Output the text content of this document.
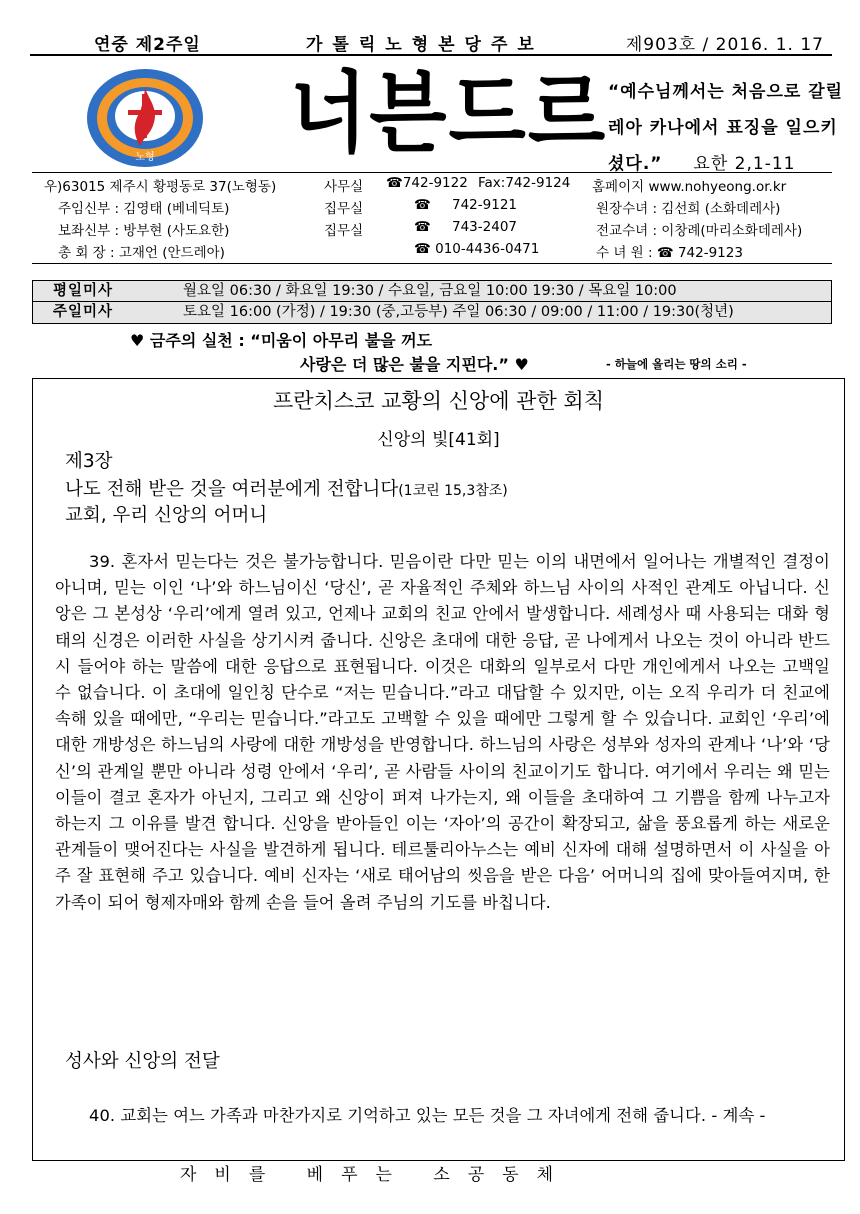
연중 제2주일	가톨릭노형본당주보	제903호 / 2016. 1. 17
노형 너븐드르 “예수님께서는 처음으로 갈릴레아 카나에서 표징을 일으키셨다.” 요한 2,1-11
우)63015 제주시 황평동로 37(노형동)	사무실 ☎742-9122 Fax:742-9124 홈페이지 www.nohyeong.or.kr
주임신부 : 김영태 (베네딕토)	집무실	☎ 742-9121	원장수녀 : 김선희 (소화데레사)
보좌신부 : 방부현 (사도요한)	집무실	☎ 743-2407	전교수녀 : 이창례(마리소화데레사)
총 회 장 : 고재언 (안드레아)	☎ 010-4436-0471	수 녀 원 : ☎ 742-9123
평일미사	월요일 06:30 / 화요일 19:30 / 수요일, 금요일 10:00 19:30 / 목요일 10:00
주일미사	토요일 16:00 (가정) / 19:30 (중,고등부) 주일 06:30 / 09:00 / 11:00 / 19:30(청년)
♥ 금주의 실천 : “미움이 아무리 불을 꺼도
사랑은 더 많은 불을 지핀다.” ♥	- 하늘에 올리는 땅의 소리 -
프란치스코 교황의 신앙에 관한 회칙
신앙의 빛[41회]
제3장
나도 전해 받은 것을 여러분에게 전합니다(1코린 15,3참조)
교회, 우리 신앙의 어머니
39. 혼자서 믿는다는 것은 불가능합니다. 믿음이란 다만 믿는 이의 내면에서 일어나는 개별적인 결정이 아니며, 믿는 이인 ‘나’와 하느님이신 ‘당신’, 곧 자율적인 주체와 하느님 사이의 사적인 관계도 아닙니다. 신앙은 그 본성상 ‘우리’에게 열려 있고, 언제나 교회의 친교 안에서 발생합니다. 세례성사 때 사용되는 대화 형태의 신경은 이러한 사실을 상기시켜 줍니다. 신앙은 초대에 대한 응답, 곧 나에게서 나오는 것이 아니라 반드시 들어야 하는 말씀에 대한 응답으로 표현됩니다. 이것은 대화의 일부로서 다만 개인에게서 나오는 고백일 수 없습니다. 이 초대에 일인칭 단수로 “저는 믿습니다.”라고 대답할 수 있지만, 이는 오직 우리가 더 친교에 속해 있을 때에만, “우리는 믿습니다.”라고도 고백할 수 있을 때에만 그렇게 할 수 있습니다. 교회인 ‘우리’에 대한 개방성은 하느님의 사랑에 대한 개방성을 반영합니다. 하느님의 사랑은 성부와 성자의 관계나 ‘나’와 ‘당신’의 관계일 뿐만 아니라 성령 안에서 ‘우리’, 곧 사람들 사이의 친교이기도 합니다. 여기에서 우리는 왜 믿는 이들이 결코 혼자가 아닌지, 그리고 왜 신앙이 퍼져 나가는지, 왜 이들을 초대하여 그 기쁨을 함께 나누고자 하는지 그 이유를 발견 합니다. 신앙을 받아들인 이는 ‘자아’의 공간이 확장되고, 삶을 풍요롭게 하는 새로운 관계들이 맺어진다는 사실을 발견하게 됩니다. 테르툴리아누스는 예비 신자에 대해 설명하면서 이 사실을 아주 잘 표현해 주고 있습니다. 예비 신자는 ‘새로 태어남의 씻음을 받은 다음’ 어머니의 집에 맞아들여지며, 한 가족이 되어 형제자매와 함께 손을 들어 올려 주님의 기도를 바칩니다.
성사와 신앙의 전달
40. 교회는 여느 가족과 마찬가지로 기억하고 있는 모든 것을 그 자녀에게 전해 줍니다. - 계속 -
자비를 베푸는 소공동체
